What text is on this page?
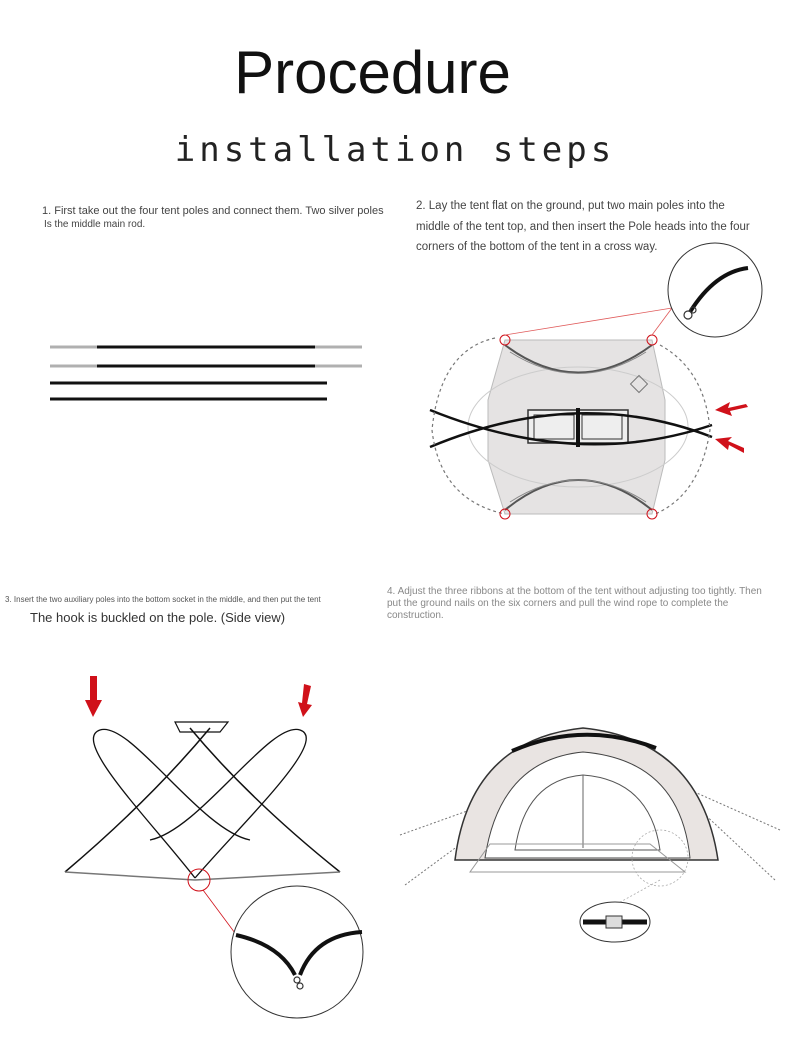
Procedure
installation steps
1. First take out the four tent poles and connect them. Two silver poles
Is the middle main rod.
2. Lay the tent flat on the ground, put two main poles into the middle of the tent top, and then insert the Pole heads into the four corners of the bottom of the tent in a cross way.
3. Insert the two auxiliary poles into the bottom socket in the middle, and then put the tent
The hook is buckled on the pole. (Side view)
4. Adjust the three ribbons at the bottom of the tent without adjusting too tightly. Then put the ground nails on the six corners and pull the wind rope to complete the construction.
